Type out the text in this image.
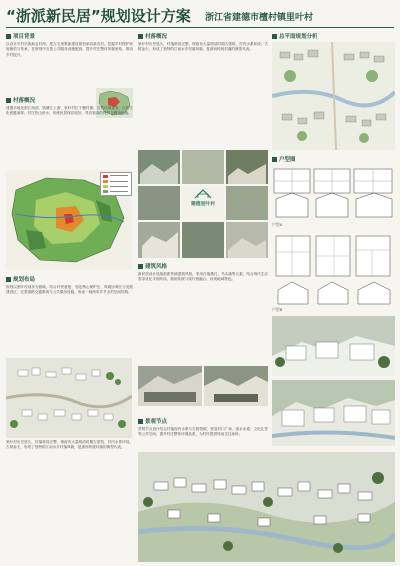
“浙派新民居”规划设计方案 浙江省建德市檀村镇里叶村
项目背景
以设计乡村宗族新农村两，把古宅里集新建设规划承担新农村，挖掘乡村保护家庭相依与传承，在规划中完善公共服务设施配套，提升村庄整体风貌形象，推动乡村振兴。
村落概况
建德市地处浙江西部，钱塘江上游，里叶村位于檀村镇，自然环境优美，历史文化底蕴深厚，村庄依山傍水，传统民居保存较好，具有较高的保护与利用价值。
规划布局
规划以里叶村现状为基础，结合村民意愿，划定核心保护区、风貌协调区与发展建设区，完善道路交通系统与公共服务设施，形成一轴两带多节点的空间结构。
里叶村历史悠久，村落格局完整，保留有大量明清时期古建筑，村内水系环绕，古树参天，形成了独特的江南水乡村落风貌，是浙西传统村落的典型代表。
村落概况
里叶村历史悠久，村落格局完整，保留有大量明清时期古建筑，村内水系环绕，古树参天，形成了独特的江南水乡村落风貌，是浙西传统村落的典型代表。
建德里叶村
建筑风格
新民居设计延续浙派传统建筑风格，采用白墙黛瓦、马头墙等元素，结合现代生活需求优化平面布局，做到传统与现代相融合，体现地域特色。
景观节点
景观节点设计结合村落现有水系与古树资源，营造村口广场、滨水步道、文化礼堂等公共空间，提升村庄整体环境品质，为村民提供休闲交往场所。
总平面规划分析
户型图
户型A
户型B
